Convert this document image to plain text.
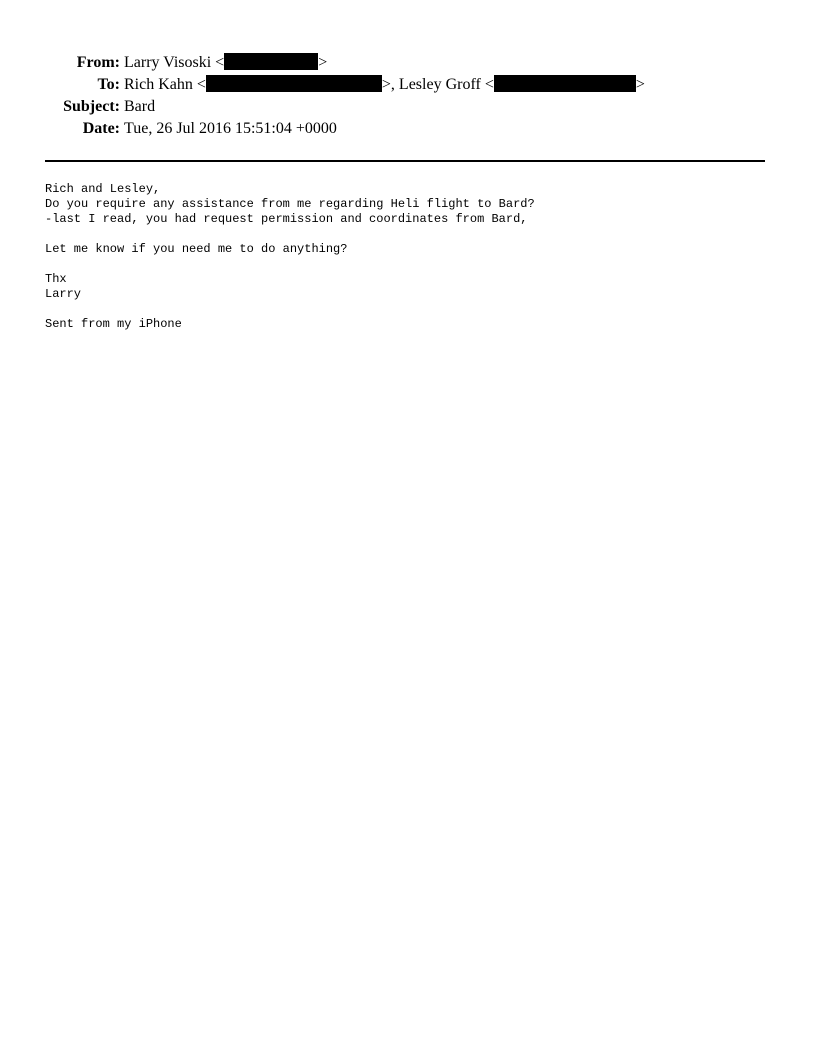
From: Larry Visoski <	>
To: Rich Kahn <	>, Lesley Groff <	>
Subject: Bard
Date: Tue, 26 Jul 2016 15:51:04 +0000
Rich and Lesley,
Do you require any assistance from me regarding Heli flight to Bard?
-last I read, you had request permission and coordinates from Bard,
Let me know if you need me to do anything?
Thx
Larry
Sent from my iPhone
